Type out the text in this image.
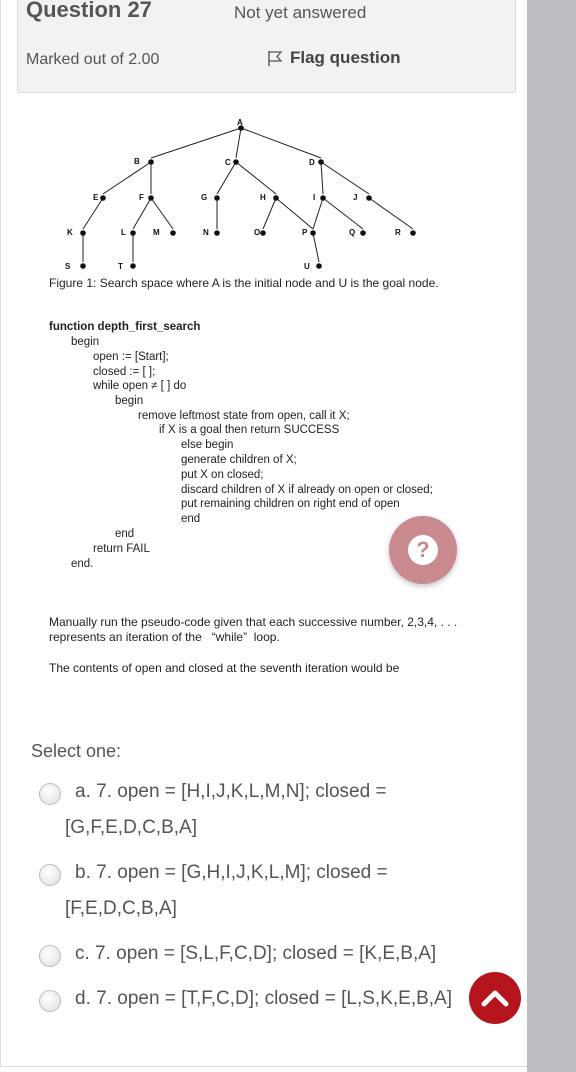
Question 27	Not yet answered
Marked out of 2.00	Flag question
A
B	C	D
E	F	G	H	I	J
K	L	M	N	O	P	Q	R
S	T	U
Figure 1: Search space where A is the initial node and U is the goal node.
function depth_first_search
begin
open := [Start];
closed := [ ];
while open ≠ [ ] do
begin
remove leftmost state from open, call it X;
if X is a goal then return SUCCESS
else begin
generate children of X;
put X on closed;
discard children of X if already on open or closed;
put remaining children on right end of open
end
end
return FAIL
end.
?
Manually run the pseudo-code given that each successive number, 2,3,4, . . .
represents an iteration of the   “while”  loop.
The contents of open and closed at the seventh iteration would be
Select one:
a. 7. open = [H,I,J,K,L,M,N]; closed =
[G,F,E,D,C,B,A]
b. 7. open = [G,H,I,J,K,L,M]; closed =
[F,E,D,C,B,A]
c. 7. open = [S,L,F,C,D]; closed = [K,E,B,A]
d. 7. open = [T,F,C,D]; closed = [L,S,K,E,B,A]
